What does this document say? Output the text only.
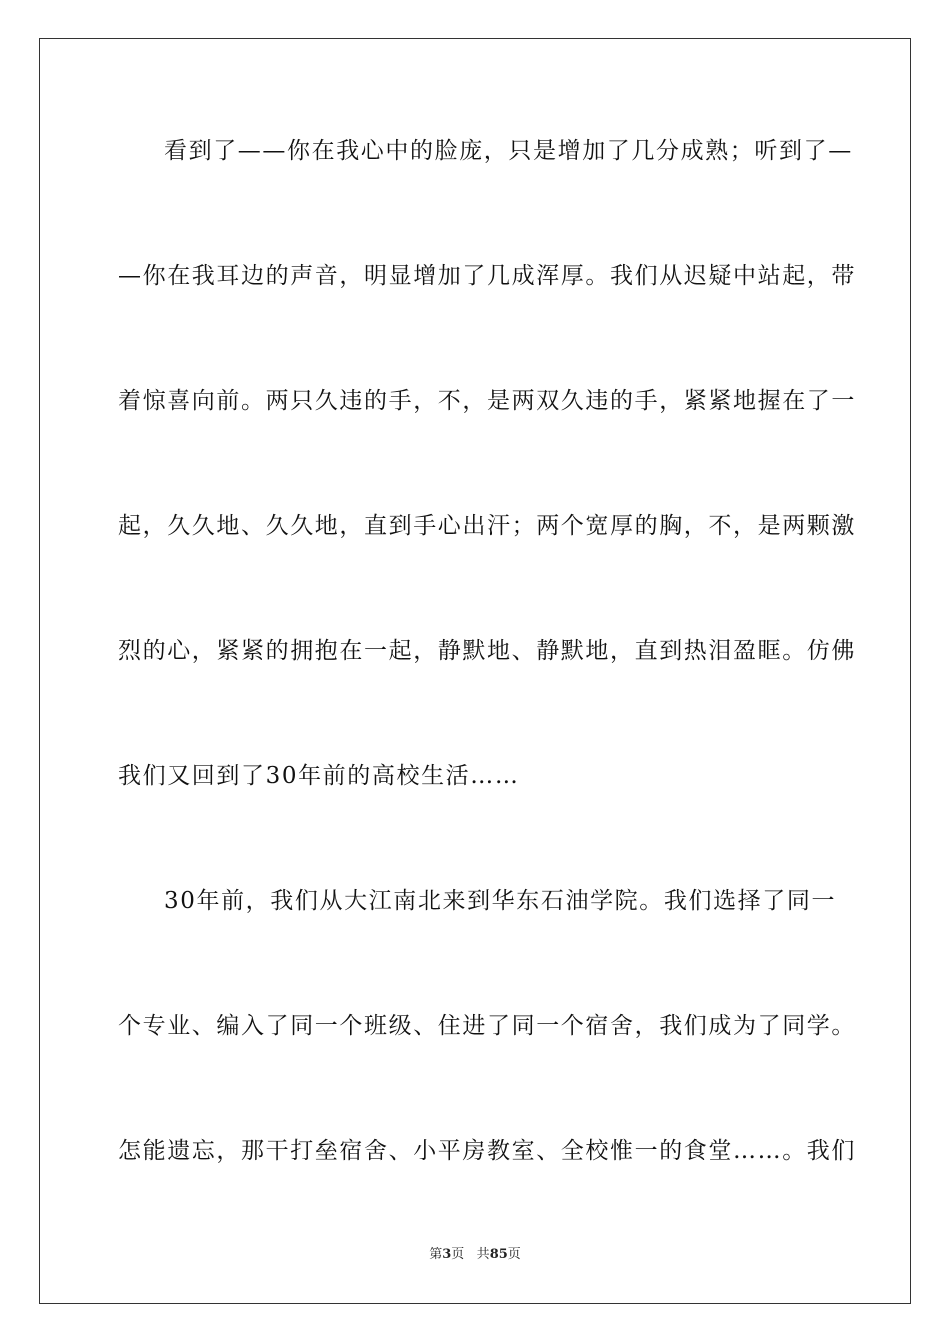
看到了——你在我心中的脸庞，只是增加了几分成熟；听到了—
—你在我耳边的声音，明显增加了几成浑厚。我们从迟疑中站起，带
着惊喜向前。两只久违的手，不，是两双久违的手，紧紧地握在了一
起，久久地、久久地，直到手心出汗；两个宽厚的胸，不，是两颗激
烈的心，紧紧的拥抱在一起，静默地、静默地，直到热泪盈眶。仿佛
我们又回到了30年前的高校生活……
30年前，我们从大江南北来到华东石油学院。我们选择了同一
个专业、编入了同一个班级、住进了同一个宿舍，我们成为了同学。
怎能遗忘，那干打垒宿舍、小平房教室、全校惟一的食堂……。我们
第3页 共85页
